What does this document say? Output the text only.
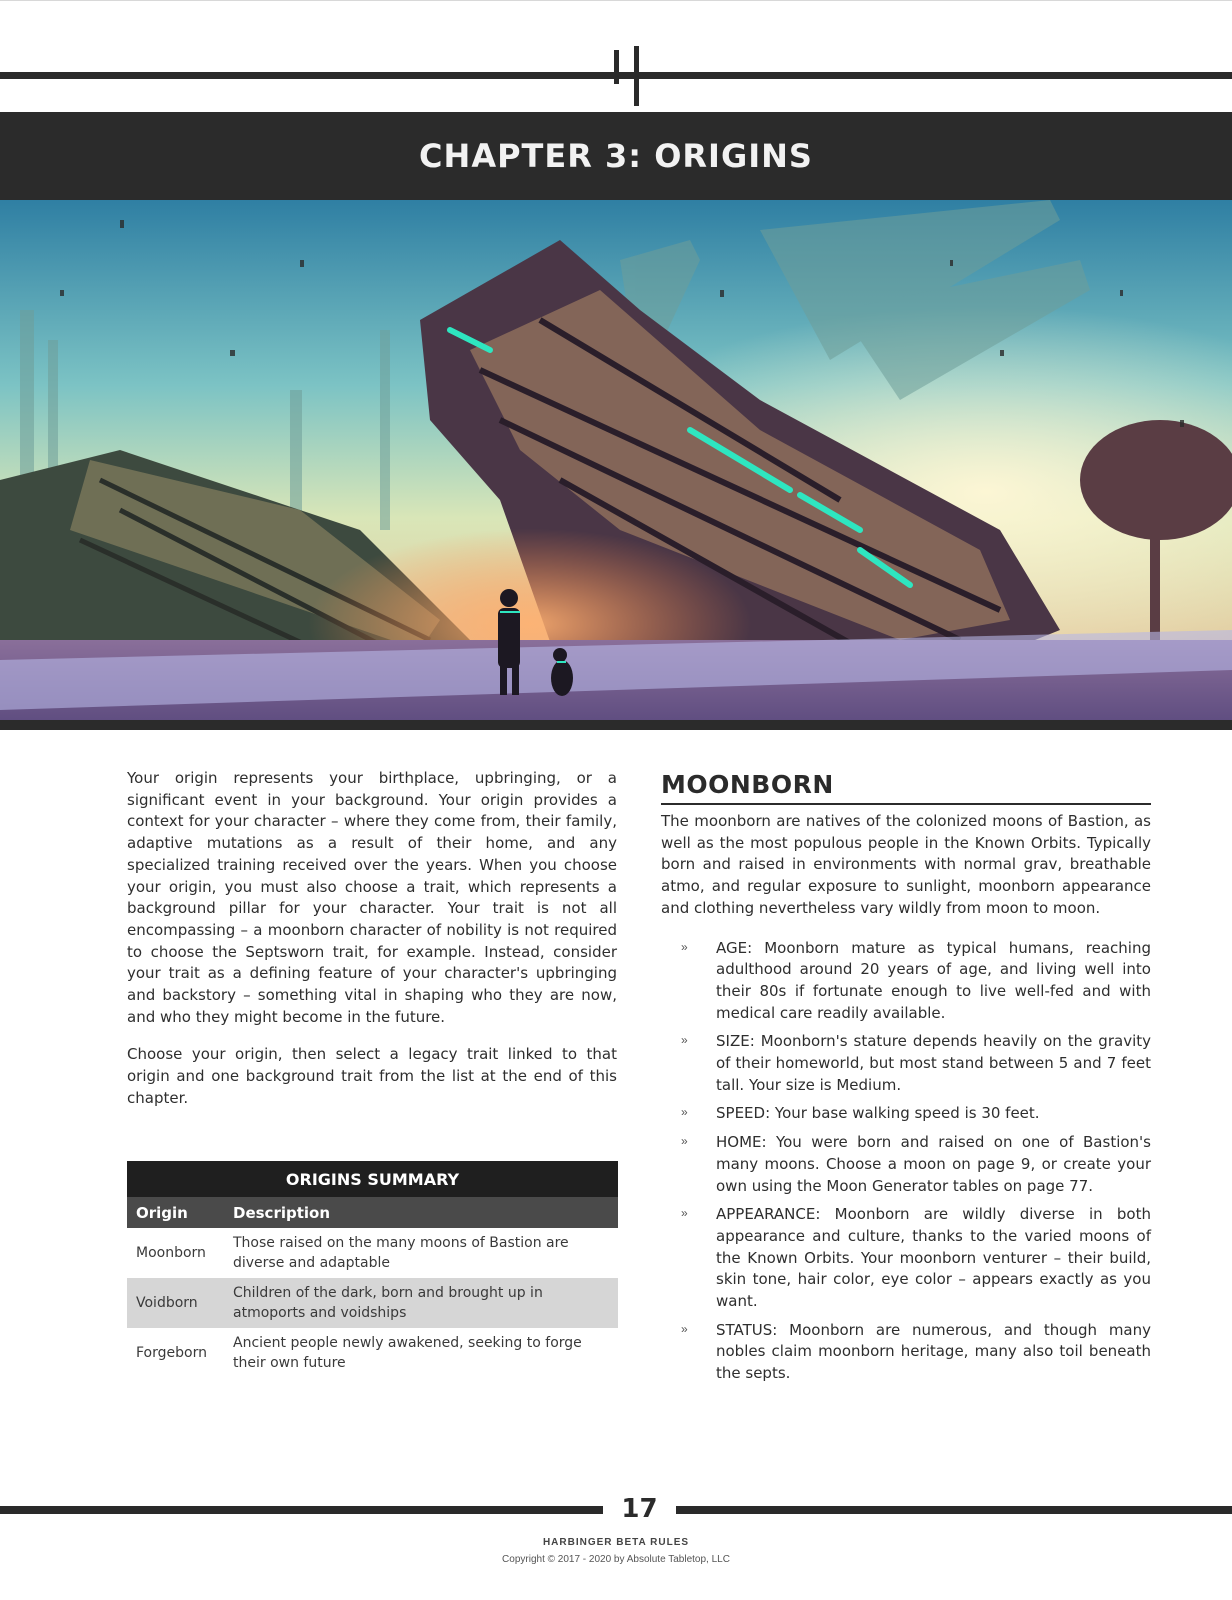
CHAPTER 3: ORIGINS

Your origin represents your birthplace, upbringing, or a significant event in your background. Your origin provides a context for your character – where they come from, their family, adaptive mutations as a result of their home, and any specialized training received over the years. When you choose your origin, you must also choose a trait, which represents a background pillar for your character. Your trait is not all encompassing – a moonborn character of nobility is not required to choose the Septsworn trait, for example. Instead, consider your trait as a defining feature of your character's upbringing and backstory – something vital in shaping who they are now, and who they might become in the future.

Choose your origin, then select a legacy trait linked to that origin and one background trait from the list at the end of this chapter.

ORIGINS SUMMARY
Origin	Description
Moonborn
Those raised on the many moons of Bastion are diverse and adaptable
Voidborn
Children of the dark, born and brought up in atmoports and voidships
Forgeborn
Ancient people newly awakened, seeking to forge their own future
MOONBORN

The moonborn are natives of the colonized moons of Bastion, as well as the most populous people in the Known Orbits. Typically born and raised in environments with normal grav, breathable atmo, and regular exposure to sunlight, moonborn appearance and clothing nevertheless vary wildly from moon to moon.

» AGE: Moonborn mature as typical humans, reaching adulthood around 20 years of age, and living well into their 80s if fortunate enough to live well-fed and with medical care readily available.
» SIZE: Moonborn's stature depends heavily on the gravity of their homeworld, but most stand between 5 and 7 feet tall. Your size is Medium.
» SPEED: Your base walking speed is 30 feet.
» HOME: You were born and raised on one of Bastion's many moons. Choose a moon on page 9, or create your own using the Moon Generator tables on page 77.
» APPEARANCE: Moonborn are wildly diverse in both appearance and culture, thanks to the varied moons of the Known Orbits. Your moonborn venturer – their build, skin tone, hair color, eye color – appears exactly as you want.
» STATUS: Moonborn are numerous, and though many nobles claim moonborn heritage, many also toil beneath the septs.
17
HARBINGER BETA RULES
Copyright © 2017 - 2020 by Absolute Tabletop, LLC
